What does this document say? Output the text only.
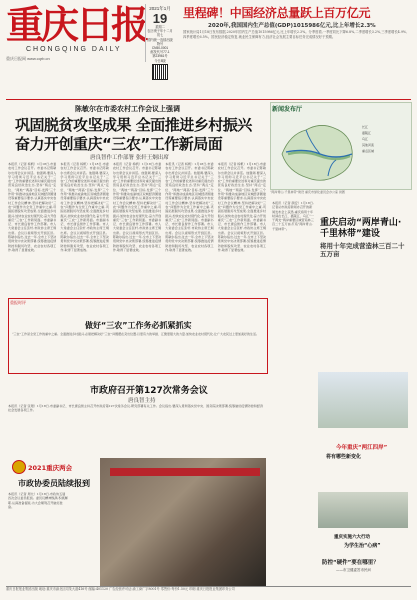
重庆日报
CHONGQING DAILY
重庆日报网 www.cqrb.cn
2021年1月
19
星期二
农历庚子年十二月初七
国内统一连续出版物号
CN50-0001
邮发代号77-1
第23961号
今日8版
里程碑！中国经济总量跃上百万亿元
2020年,我国国内生产总值(GDP)1015986亿元,比上年增长2.3%
国家统计局1月18日发布数据,2020年国内生产总值1015986亿元,比上年增长2.3%。分季度看,一季度同比下降6.8%,二季度增长3.2%,三季度增长4.9%,四季度增长6.5%。国民经济稳定恢复,就业民生保障有力,经济社会发展主要目标任务完成情况好于预期。
陈敏尔在市委农村工作会议上强调
巩固脱贫攻坚成果 全面推进乡村振兴
奋力开创重庆“三农”工作新局面
唐良智作工作部署 张轩王炯出席
本报讯（记者 杨帆）1月18日,市委农村工作会议召开。市委书记陈敏尔出席会议并讲话。他强调,要深入学习贯彻习近平总书记关于“三农”工作的重要论述和对重庆提出的营造良好政治生态,坚持“两点”定位、“两地”“两高”目标,发挥“三个作用”和推动成渝地区双城经济圈建设等重要指示要求,认真落实中央农村工作会议精神,坚持把解决好“三农”问题作为全党工作重中之重,巩固拓展脱贫攻坚成果,全面推进乡村振兴,加快农业农村现代化,奋力开创重庆“三农”工作新局面。市委副书记、市长唐良智作工作部署。市人大常委会主任张轩,市政协主席王炯出席。会议以视频形式开到区县。陈敏尔指出,过去一年,全市上下坚决贯彻党中央决策部署,统筹推进疫情防控和脱贫攻坚、农业农村各项工作,取得了显著成效。
本报讯（记者 杨帆）1月18日,市委农村工作会议召开。市委书记陈敏尔出席会议并讲话。他强调,要深入学习贯彻习近平总书记关于“三农”工作的重要论述和对重庆提出的营造良好政治生态,坚持“两点”定位、“两地”“两高”目标,发挥“三个作用”和推动成渝地区双城经济圈建设等重要指示要求,认真落实中央农村工作会议精神,坚持把解决好“三农”问题作为全党工作重中之重,巩固拓展脱贫攻坚成果,全面推进乡村振兴,加快农业农村现代化,奋力开创重庆“三农”工作新局面。市委副书记、市长唐良智作工作部署。市人大常委会主任张轩,市政协主席王炯出席。会议以视频形式开到区县。陈敏尔指出,过去一年,全市上下坚决贯彻党中央决策部署,统筹推进疫情防控和脱贫攻坚、农业农村各项工作,取得了显著成效。
本报讯（记者 杨帆）1月18日,市委农村工作会议召开。市委书记陈敏尔出席会议并讲话。他强调,要深入学习贯彻习近平总书记关于“三农”工作的重要论述和对重庆提出的营造良好政治生态,坚持“两点”定位、“两地”“两高”目标,发挥“三个作用”和推动成渝地区双城经济圈建设等重要指示要求,认真落实中央农村工作会议精神,坚持把解决好“三农”问题作为全党工作重中之重,巩固拓展脱贫攻坚成果,全面推进乡村振兴,加快农业农村现代化,奋力开创重庆“三农”工作新局面。市委副书记、市长唐良智作工作部署。市人大常委会主任张轩,市政协主席王炯出席。会议以视频形式开到区县。陈敏尔指出,过去一年,全市上下坚决贯彻党中央决策部署,统筹推进疫情防控和脱贫攻坚、农业农村各项工作,取得了显著成效。
本报讯（记者 杨帆）1月18日,市委农村工作会议召开。市委书记陈敏尔出席会议并讲话。他强调,要深入学习贯彻习近平总书记关于“三农”工作的重要论述和对重庆提出的营造良好政治生态,坚持“两点”定位、“两地”“两高”目标,发挥“三个作用”和推动成渝地区双城经济圈建设等重要指示要求,认真落实中央农村工作会议精神,坚持把解决好“三农”问题作为全党工作重中之重,巩固拓展脱贫攻坚成果,全面推进乡村振兴,加快农业农村现代化,奋力开创重庆“三农”工作新局面。市委副书记、市长唐良智作工作部署。市人大常委会主任张轩,市政协主席王炯出席。会议以视频形式开到区县。陈敏尔指出,过去一年,全市上下坚决贯彻党中央决策部署,统筹推进疫情防控和脱贫攻坚、农业农村各项工作,取得了显著成效。
本报讯（记者 杨帆）1月18日,市委农村工作会议召开。市委书记陈敏尔出席会议并讲话。他强调,要深入学习贯彻习近平总书记关于“三农”工作的重要论述和对重庆提出的营造良好政治生态,坚持“两点”定位、“两地”“两高”目标,发挥“三个作用”和推动成渝地区双城经济圈建设等重要指示要求,认真落实中央农村工作会议精神,坚持把解决好“三农”问题作为全党工作重中之重,巩固拓展脱贫攻坚成果,全面推进乡村振兴,加快农业农村现代化,奋力开创重庆“三农”工作新局面。市委副书记、市长唐良智作工作部署。市人大常委会主任张轩,市政协主席王炯出席。会议以视频形式开到区县。陈敏尔指出,过去一年,全市上下坚决贯彻党中央决策部署,统筹推进疫情防控和脱贫攻坚、农业农村各项工作,取得了显著成效。
新闻发布厅
长江
嘉陵江
乌江
其他河流
重点区域
“两岸青山·千里林带”建设 重庆市绿化委员会办公室 供图
本报讯（记者 颜安）1月18日,记者从市政府新闻办召开的新闻发布会上获悉,重庆将用十年时间在长江、嘉陵江、乌江“一干两支”两岸重要区域营造林三百二十五万亩,打造“两岸青山·千里林带”。
重庆启动“两岸青山·千里林带”建设
将用十年完成营造林三百二十五万亩
重报时评
做好“三农”工作务必抓紧抓实
“三农”工作是全党工作的重中之重。全面推进乡村振兴,必须把解决好“三农”问题摆在突出位置,以更有力的举措、汇聚更强大的力量,加快农业农村现代化,让广大农民过上更加美好的生活。
市政府召开第127次常务会议
唐良智主持
本报讯（记者 张珺）1月18日,市委副书记、市长唐良智主持召开市政府第127次常务会议,研究部署有关工作。会议指出,要深入贯彻落实党中央、国务院决策部署,统筹做好疫情防控和经济社会发展各项工作。
2021重庆两会
市政协委员陆续报到
本报讯（记者 周尤）1月18日,市政协五届四次会议委员报到。委员们精神饱满,积极履职,认真准备提案,为大会顺利召开做好准备。
今年重庆“两江四岸”
将有哪些新变化
重庆实施六大行动
为学生治“心病”
防控“硬件”要在哪里？
——市卫健委答市民问
重庆日报报业集团出版 地址:重庆市渝北区同茂大道416号 邮编:401120 广告经营许可证:渝工商广字8001号 零售价:每份1.50元 印刷:重庆日报报业集团印务公司
